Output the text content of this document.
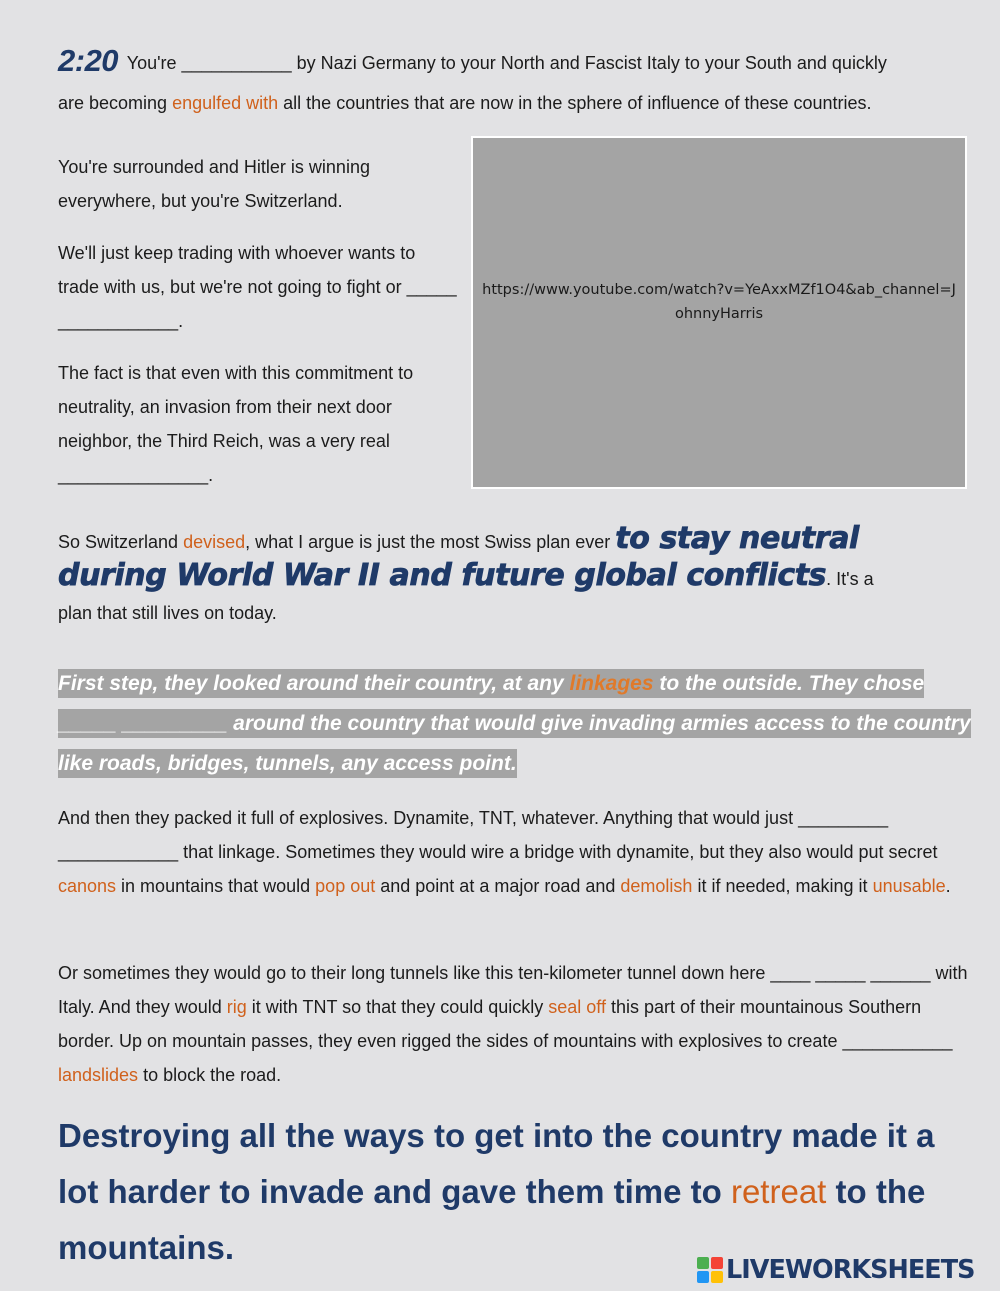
2:20 You're ___________ by Nazi Germany to your North and Fascist Italy to your South and quickly
are becoming engulfed with all the countries that are now in the sphere of influence of these countries.

You're surrounded and Hitler is winning everywhere, but you're Switzerland.

We'll just keep trading with whoever wants to trade with us, but we're not going to fight or _____ ____________.

The fact is that even with this commitment to neutrality, an invasion from their next door neighbor, the Third Reich, was a very real _______________.

https://www.youtube.com/watch?v=YeAxxMZf1O4&ab_channel=JohnnyHarris

So Switzerland devised, what I argue is just the most Swiss plan ever to stay neutral during World War II and future global conflicts. It's a
plan that still lives on today.

First step, they looked around their country, at any linkages to the outside. They chose _____ _________ around the country that would give invading armies access to the country like roads, bridges, tunnels, any access point.

And then they packed it full of explosives. Dynamite, TNT, whatever. Anything that would just _________ ____________ that linkage. Sometimes they would wire a bridge with dynamite, but they also would put secret canons in mountains that would pop out and point at a major road and demolish it if needed, making it unusable.

Or sometimes they would go to their long tunnels like this ten-kilometer tunnel down here ____ _____ ______ with Italy. And they would rig it with TNT so that they could quickly seal off this part of their mountainous Southern border. Up on mountain passes, they even rigged the sides of mountains with explosives to create ___________ landslides to block the road.

Destroying all the ways to get into the country made it a lot harder to invade and gave them time to retreat to the mountains.

LIVEWORKSHEETS
